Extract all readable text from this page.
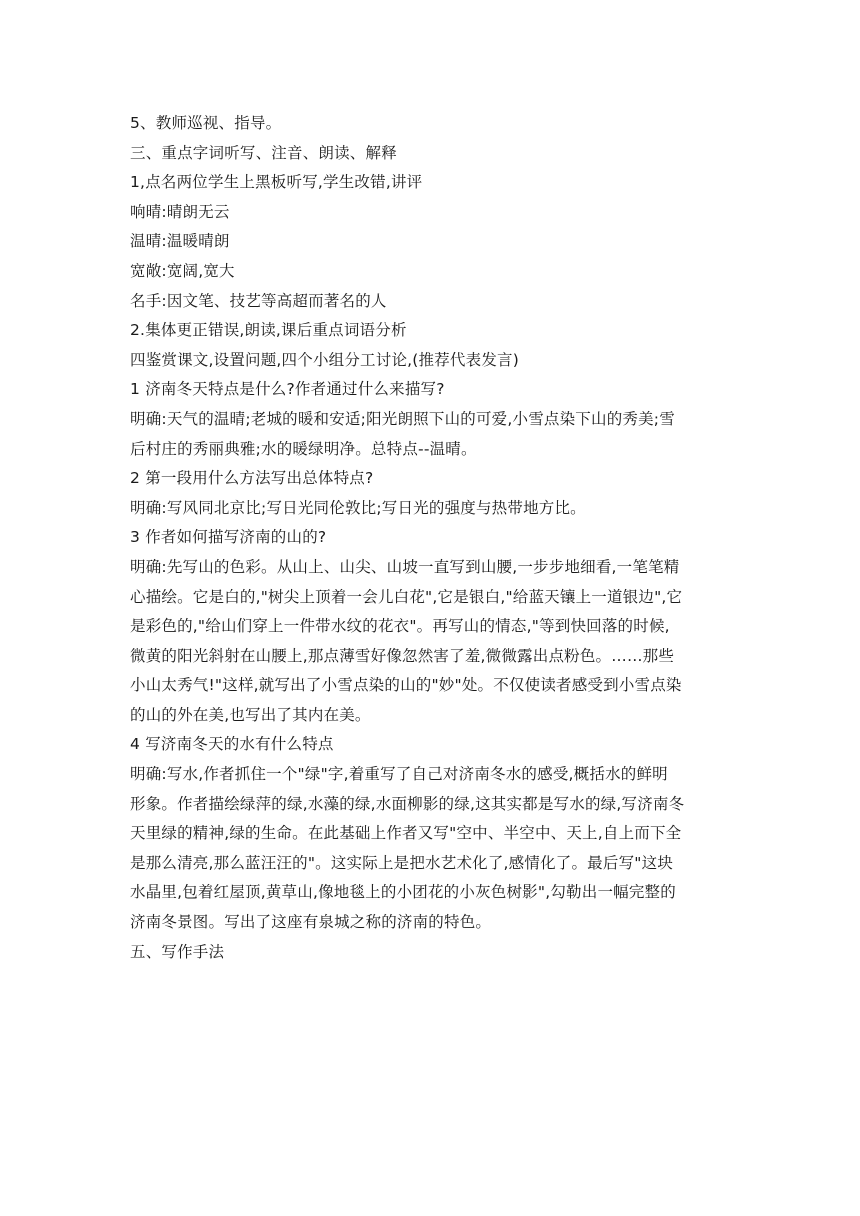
5、教师巡视、指导。

三、重点字词听写、注音、朗读、解释

1,点名两位学生上黑板听写,学生改错,讲评

响晴:晴朗无云

温晴:温暖晴朗

宽敞:宽阔,宽大

名手:因文笔、技艺等高超而著名的人

2.集体更正错误,朗读,课后重点词语分析

四鉴赏课文,设置问题,四个小组分工讨论,(推荐代表发言)

1 济南冬天特点是什么?作者通过什么来描写?

明确:天气的温晴;老城的暖和安适;阳光朗照下山的可爱,小雪点染下山的秀美;雪

后村庄的秀丽典雅;水的暖绿明净。总特点--温晴。

2 第一段用什么方法写出总体特点?

明确:写风同北京比;写日光同伦敦比;写日光的强度与热带地方比。

3 作者如何描写济南的山的?

明确:先写山的色彩。从山上、山尖、山坡一直写到山腰,一步步地细看,一笔笔精

心描绘。它是白的,"树尖上顶着一会儿白花",它是银白,"给蓝天镶上一道银边",它

是彩色的,"给山们穿上一件带水纹的花衣"。再写山的情态,"等到快回落的时候,

微黄的阳光斜射在山腰上,那点薄雪好像忽然害了羞,微微露出点粉色。……那些

小山太秀气!"这样,就写出了小雪点染的山的"妙"处。不仅使读者感受到小雪点染

的山的外在美,也写出了其内在美。

4 写济南冬天的水有什么特点

明确:写水,作者抓住一个"绿"字,着重写了自己对济南冬水的感受,概括水的鲜明

形象。作者描绘绿萍的绿,水藻的绿,水面柳影的绿,这其实都是写水的绿,写济南冬

天里绿的精神,绿的生命。在此基础上作者又写"空中、半空中、天上,自上而下全

是那么清亮,那么蓝汪汪的"。这实际上是把水艺术化了,感情化了。最后写"这块

水晶里,包着红屋顶,黄草山,像地毯上的小团花的小灰色树影",勾勒出一幅完整的

济南冬景图。写出了这座有泉城之称的济南的特色。

五、写作手法
